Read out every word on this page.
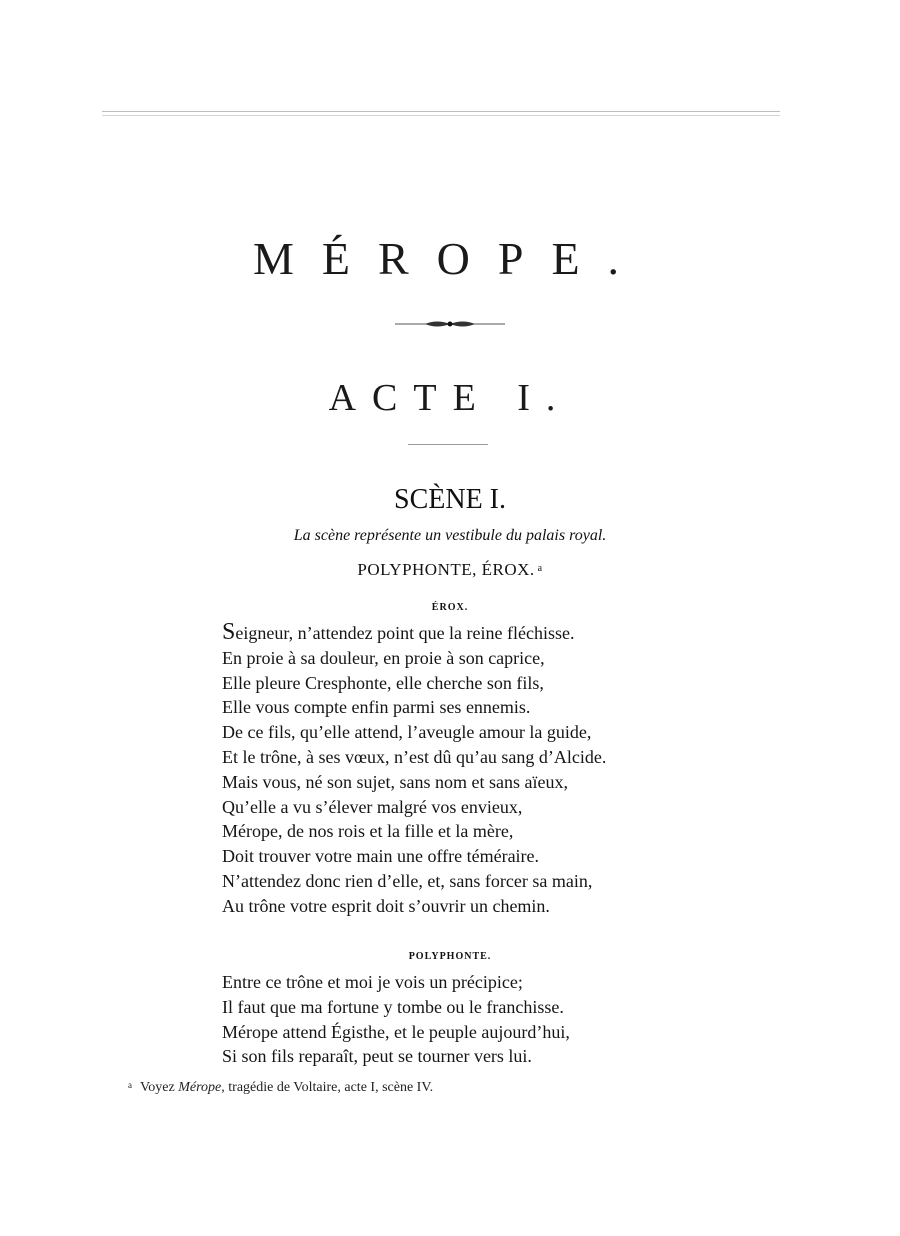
MÉROPE.
ACTE I.
SCÈNE I.
La scène représente un vestibule du palais royal.
POLYPHONTE, ÉROX. $^a$
ÉROX.
Seigneur, n’attendez point que la reine fléchisse.
En proie à sa douleur, en proie à son caprice,
Elle pleure Cresphonte, elle cherche son fils,
Elle vous compte enfin parmi ses ennemis.
De ce fils, qu’elle attend, l’aveugle amour la guide,
Et le trône, à ses vœux, n’est dû qu’au sang d’Alcide.
Mais vous, né son sujet, sans nom et sans aïeux,
Qu’elle a vu s’élever malgré vos envieux,
Mérope, de nos rois et la fille et la mère,
Doit trouver votre main une offre téméraire.
N’attendez donc rien d’elle, et, sans forcer sa main,
Au trône votre esprit doit s’ouvrir un chemin.
POLYPHONTE.
Entre ce trône et moi je vois un précipice;
Il faut que ma fortune y tombe ou le franchisse.
Mérope attend Égisthe, et le peuple aujourd’hui,
Si son fils reparaît, peut se tourner vers lui.
$^a$ Voyez Mérope, tragédie de Voltaire, acte I, scène IV.
